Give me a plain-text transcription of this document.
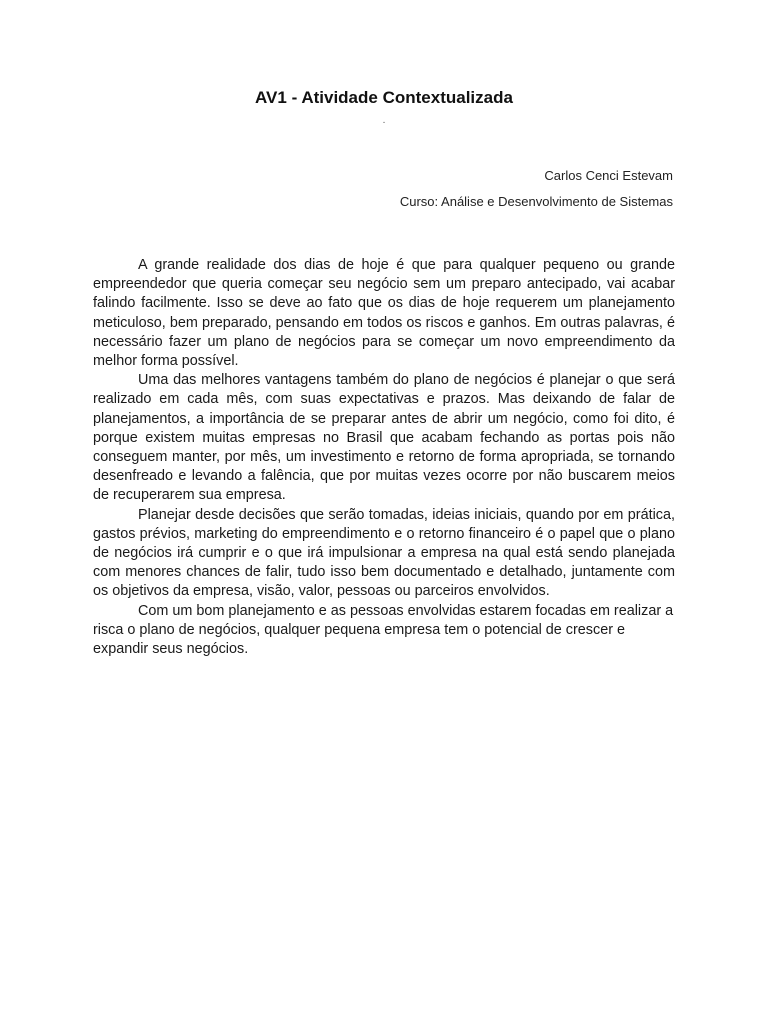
AV1 - Atividade Contextualizada
.
Carlos Cenci Estevam
Curso: Análise e Desenvolvimento de Sistemas

A grande realidade dos dias de hoje é que para qualquer pequeno ou grande empreendedor que queria começar seu negócio sem um preparo antecipado, vai acabar falindo facilmente. Isso se deve ao fato que os dias de hoje requerem um planejamento meticuloso, bem preparado, pensando em todos os riscos e ganhos. Em outras palavras, é necessário fazer um plano de negócios para se começar um novo empreendimento da melhor forma possível.

Uma das melhores vantagens também do plano de negócios é planejar o que será realizado em cada mês, com suas expectativas e prazos. Mas deixando de falar de planejamentos, a importância de se preparar antes de abrir um negócio, como foi dito, é porque existem muitas empresas no Brasil que acabam fechando as portas pois não conseguem manter, por mês, um investimento e retorno de forma apropriada, se tornando desenfreado e levando a falência, que por muitas vezes ocorre por não buscarem meios de recuperarem sua empresa.

Planejar desde decisões que serão tomadas, ideias iniciais, quando por em prática, gastos prévios, marketing do empreendimento e o retorno financeiro é o papel que o plano de negócios irá cumprir e o que irá impulsionar a empresa na qual está sendo planejada com menores chances de falir, tudo isso bem documentado e detalhado, juntamente com os objetivos da empresa, visão, valor, pessoas ou parceiros envolvidos.

Com um bom planejamento e as pessoas envolvidas estarem focadas em realizar a risca o plano de negócios, qualquer pequena empresa tem o potencial de crescer e expandir seus negócios.
